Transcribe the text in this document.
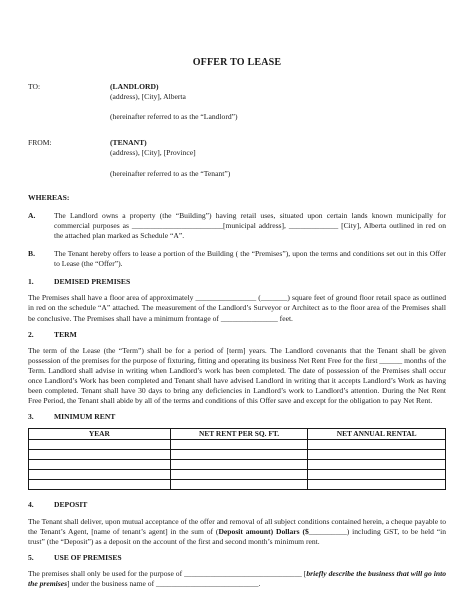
OFFER TO LEASE
TO:	(LANDLORD)
(address), [City], Alberta
(hereinafter referred to as the “Landlord”)
FROM:	(TENANT)
(address), [City], [Province]
(hereinafter referred to as the “Tenant”)
WHEREAS:
A.	The Landlord owns a property (the “Building”) having retail uses, situated upon certain lands known municipally for commercial purposes as ________________________[municipal address], _____________ [City], Alberta outlined in red on the attached plan marked as Schedule “A”.
B.	The Tenant hereby offers to lease a portion of the Building ( the “Premises”), upon the terms and conditions set out in this Offer to Lease (the “Offer”).
1.	DEMISED PREMISES
The Premises shall have a floor area of approximately ________________ (_______) square feet of ground floor retail space as outlined in red on the schedule “A” attached. The measurement of the Landlord’s Surveyor or Architect as to the floor area of the Premises shall be conclusive. The Premises shall have a minimum frontage of _______________ feet.
2.	TERM
The term of the Lease (the “Term”) shall be for a period of [term] years. The Landlord covenants that the Tenant shall be given possession of the premises for the purpose of fixturing, fitting and operating its business Net Rent Free for the first ______ months of the Term. Landlord shall advise in writing when Landlord’s work has been completed. The date of possession of the Premises shall occur once Landlord’s Work has been completed and Tenant shall have advised Landlord in writing that it accepts Landlord’s Work as having been completed. Tenant shall have 30 days to bring any deficiencies in Landlord’s work to Landlord’s attention. During the Net Rent Free Period, the Tenant shall abide by all of the terms and conditions of this Offer save and except for the obligation to pay Net Rent.
3.	MINIMUM RENT
YEAR	NET RENT PER SQ. FT.	NET ANNUAL RENTAL

4.	DEPOSIT
The Tenant shall deliver, upon mutual acceptance of the offer and removal of all subject conditions contained herein, a cheque payable to the Tenant’s Agent, [name of tenant’s agent] in the sum of (Deposit amount) Dollars ($__________) including GST, to be held “in trust” (the “Deposit”) as a deposit on the account of the first and second month’s minimum rent.
5.	USE OF PREMISES
The premises shall only be used for the purpose of _______________________________ [briefly describe the business that will go into the premises] under the business name of ___________________________.
